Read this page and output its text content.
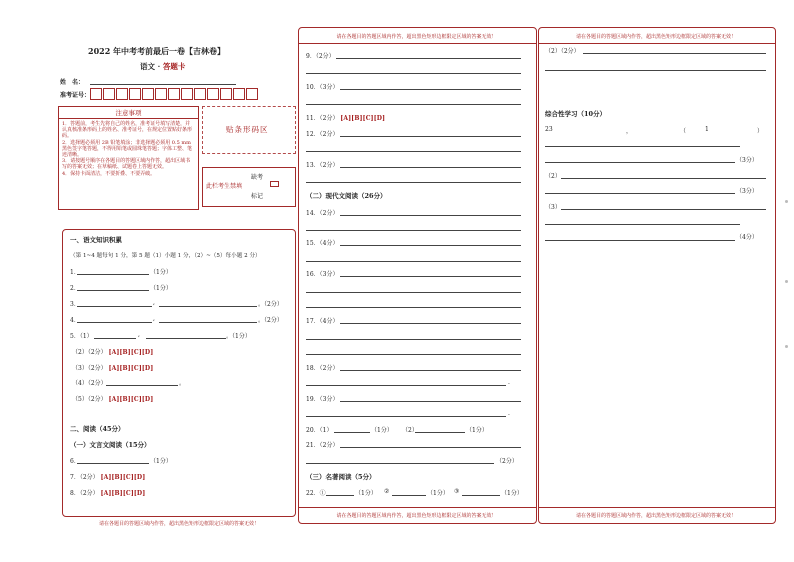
2022 年中考考前最后一卷【吉林卷】
语文 · 答题卡
姓　名：
准考证号：
注意事项
1．答题前，考生先将自己的姓名，准考证号填写清楚，并认真核准条形码上的姓名、准考证号，在规定位置贴好条形码。
2．选择题必须用 2B 铅笔填涂；非选择题必须用 0.5 mm 黑色签字笔答题，不得用铅笔或圆珠笔答题；字体工整、笔迹清晰。
3．请按题号顺序在各题目的答题区域内作答，超出区域书写的答案无效；在草稿纸、试题卷上答题无效。
4．保持卡面清洁，不要折叠、不要弄破。
贴条形码区
缺考
此栏考生禁填
标记
一、语文知识积累
（第 1~4 题每句 1 分，第 5 题（1）小题 1 分，（2）~（5）每小题 2 分）
1．	（1分）
2．	（1分）
3．	,	。（2分）
4．	,	。（2分）
5．（1）	,	。（1分）
（2）（2分） [A][B][C][D]
（3）（2分） [A][B][C][D]
（4）（2分）	。
（5）（2分） [A][B][C][D]
二、阅读（45分）
（一）文言文阅读（15分）
6．	（1分）
7．（2分） [A][B][C][D]
8．（2分） [A][B][C][D]
请在各题目的答题区域内作答，超出黑色矩形边框限定区域的答案无效！
请在各题目的答题区域内作答，超出黑色矩形边框限定区域的答案无效！
9．（2分）
10．（3分）
11．（2分） [A][B][C][D]
12．（2分）
13．（2分）
（二）现代文阅读（26分）
14．（2分）
15．（4分）
16．（3分）
17．（4分）
18．（2分）
.
19．（3分）
.
20．（1）	（1分） （2）	（1分）
21．（2分）
（2分）
（三）名著阅读（5分）
22．①	（1分） ②	（1分） ③	（1分）
请在各题目的答题区域内作答，超出黑色矩形边框限定区域的答案无效！
请在各题目的答题区域内作答，超出黑色矩形边框限定区域的答案无效！
（2）（2分）
综合性学习（10分）
23	，	（	1	）
（3分）
（2）
（3分）
（3）
（4分）
请在各题目的答题区域内作答，超出黑色矩形边框限定区域的答案无效！
